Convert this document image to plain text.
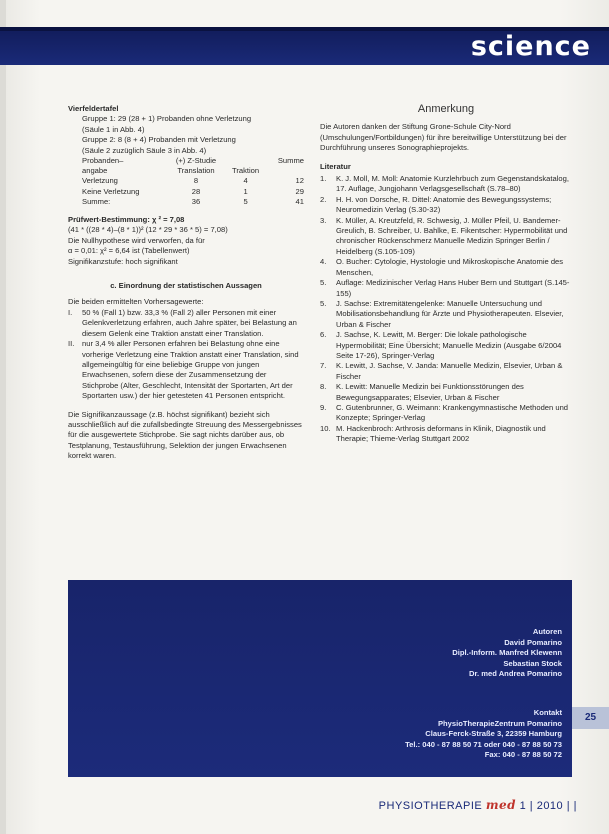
science

Vierfeldertafel

Gruppe 1: 29 (28 + 1) Probanden ohne Verletzung

(Säule 1 in Abb. 4)

Gruppe 2: 8 (8 + 4) Probanden mit Verletzung

(Säule 2 zuzüglich Säule 3 in Abb. 4)

Probanden–	(+) Z-Studie		Summe
angabe	Translation	Traktion	
Verletzung	8	4	12
Keine Verletzung	28	1	29
Summe:	36	5	41

Prüfwert-Bestimmung: χ ² = 7,08

(41 * ((28 * 4)–(8 * 1))² (12 * 29 * 36 * 5) = 7,08)

Die Nullhypothese wird verworfen, da für

α = 0,01: χ² = 6,64 ist (Tabellenwert)

Signifikanzstufe: hoch signifikant

c. Einordnung der statistischen Aussagen

Die beiden ermittelten Vorhersagewerte:

I.	50 % (Fall 1) bzw. 33,3 % (Fall 2) aller Personen mit einer Gelenkverletzung erfahren, auch Jahre später, bei Belastung an diesem Gelenk eine Traktion anstatt einer Translation.
II.	nur 3,4 % aller Personen erfahren bei Belastung ohne eine vorherige Verletzung eine Traktion anstatt einer Translation, sind allgemeingültig für eine beliebige Gruppe von jungen Erwachsenen, sofern diese der Zusammensetzung der Stichprobe (Alter, Geschlecht, Intensität der Sportarten, Art der Sportarten usw.) der hier getesteten 41 Personen entspricht.

Die Signifikanzaussage (z.B. höchst signifikant) bezieht sich ausschließlich auf die zufallsbedingte Streuung des Messergebnisses für die ausgewertete Stichprobe. Sie sagt nichts darüber aus, ob Testplanung, Testausführung, Selektion der jungen Erwachsenen korrekt waren.

Anmerkung

Die Autoren danken der Stiftung Grone-Schule City-Nord (Umschulungen/Fortbildungen) für ihre bereitwillige Unterstützung bei der Durchführung unseres Sonographieprojekts.

Literatur

1.	K. J. Moll, M. Moll: Anatomie Kurzlehrbuch zum Gegenstandskatalog, 17. Auflage, Jungjohann Verlagsgesellschaft (S.78–80)
2.	H. H. von Dorsche, R. Dittel: Anatomie des Bewegungssystems; Neuromedizin Verlag (S.30-32)
3.	K. Müller, A. Kreutzfeld, R. Schwesig, J. Müller Pfeil, U. Bandemer-Greulich, B. Schreiber, U. Bahlke, E. Fikentscher: Hypermobilität und chronischer Rückenschmerz Manuelle Medizin Springer Berlin / Heidelberg (S.105-109)
4.	O. Bucher: Cytologie, Hystologie und Mikroskopische Anatomie des Menschen,
5.	Auflage: Medizinischer Verlag Hans Huber Bern und Stuttgart (S.145-155)
5.	J. Sachse: Extremitätengelenke: Manuelle Untersuchung und Mobilisationsbehandlung für Ärzte und Physiotherapeuten. Elsevier, Urban & Fischer
6.	J. Sachse, K. Lewitt, M. Berger: Die lokale pathologische Hypermobilität; Eine Übersicht; Manuelle Medizin (Ausgabe 6/2004 Seite 17-26), Springer-Verlag
7.	K. Lewitt, J. Sachse, V. Janda: Manuelle Medizin, Elsevier, Urban & Fischer
8.	K. Lewitt: Manuelle Medizin bei Funktionsstörungen des Bewegungsapparates; Elsevier, Urban & Fischer
9.	C. Gutenbrunner, G. Weimann: Krankengymnastische Methoden und Konzepte; Springer-Verlag
10. M. Hackenbroch: Arthrosis deformans in Klinik, Diagnostik und Therapie; Thieme-Verlag Stuttgart 2002

Autoren

David Pomarino

Dipl.-Inform. Manfred Klewenn

Sebastian Stock

Dr. med Andrea Pomarino

Kontakt

PhysioTherapieZentrum Pomarino

Claus-Ferck-Straße 3, 22359 Hamburg

Tel.: 040 - 87 88 50 71 oder 040 - 87 88 50 73

Fax: 040 - 87 88 50 72

25
PHYSIOTHERAPIE med 1 | 2010 | |
